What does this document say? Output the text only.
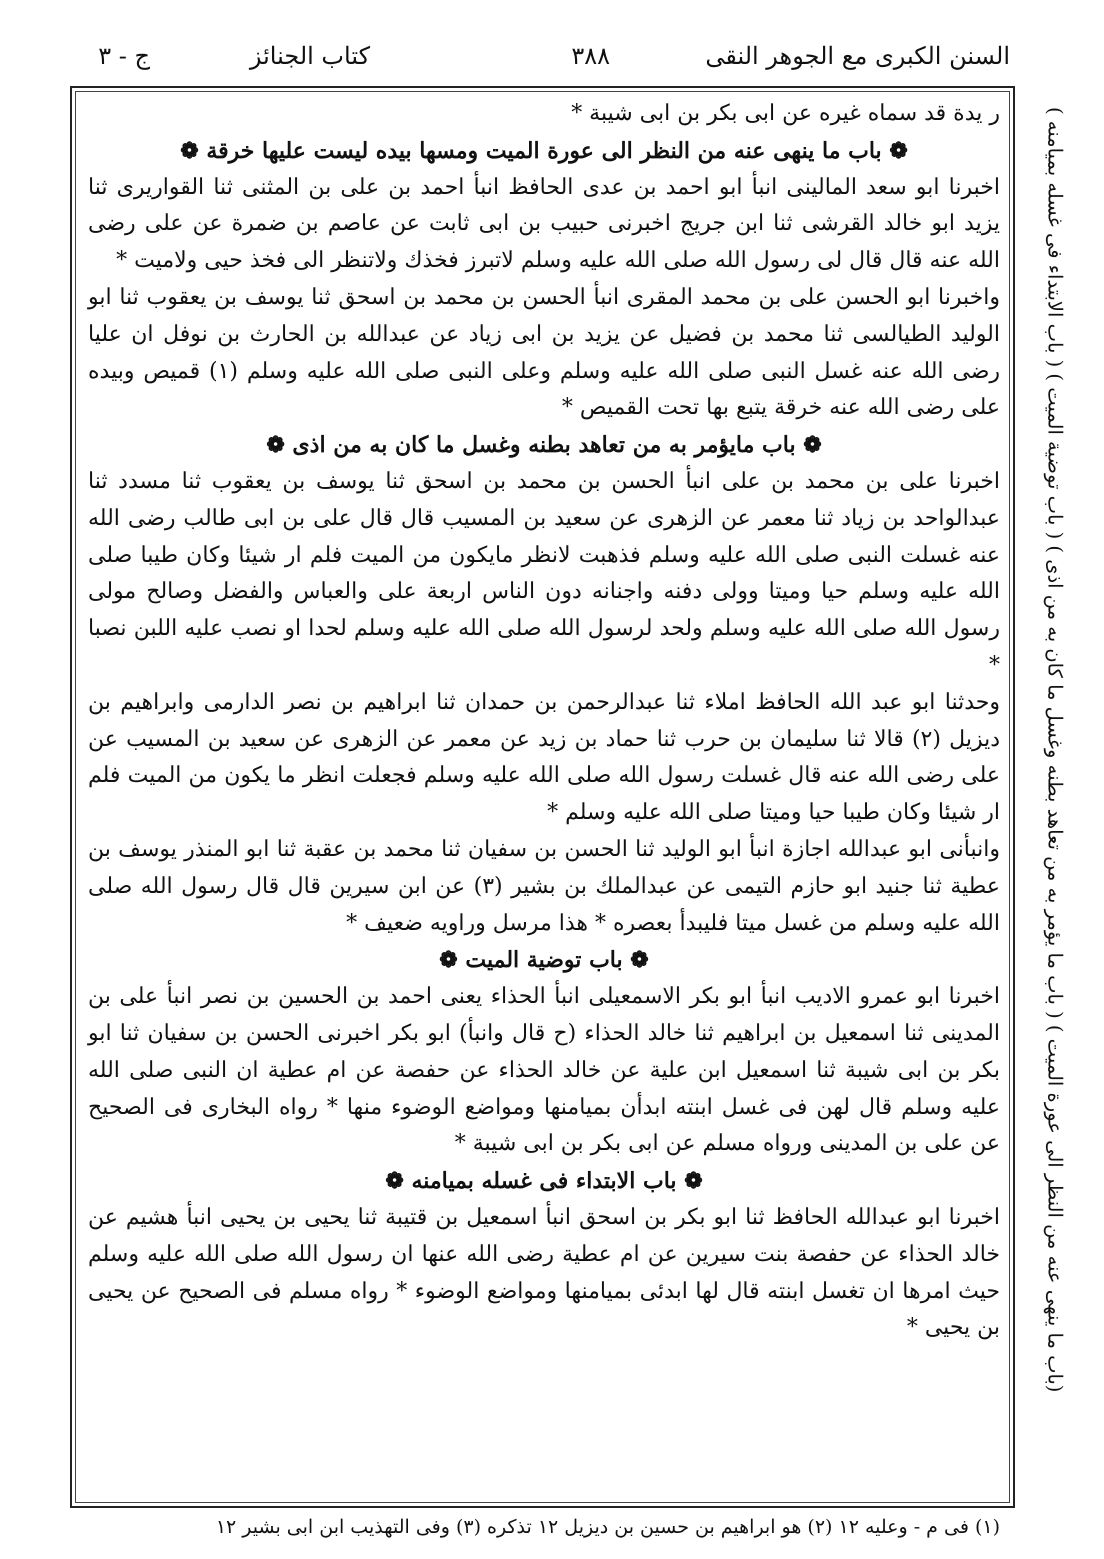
السنن الكبرى مع الجوهر النقى
٣٨٨
كتاب الجنائز
ج - ٣
(باب ما ينهى عنه من النظر الى عورة الميت ) ( باب ما يؤمر به من تعاهد بطنه وغسل ما كان به من اذى ) ( باب توضية الميت ) ( باب الابتداء فى غسله بميامنه )

ر يدة قد سماه غيره عن ابى بكر بن ابى شيبة *

❁ باب ما ينهى عنه من النظر الى عورة الميت ومسها بيده ليست عليها خرقة ❁

اخبرنا ابو سعد المالينى انبأ ابو احمد بن عدى الحافظ انبأ احمد بن على بن المثنى ثنا القواريرى ثنا يزيد ابو خالد القرشى ثنا ابن جريج اخبرنى حبيب بن ابى ثابت عن عاصم بن ضمرة عن على رضى الله عنه قال قال لى رسول الله صلى الله عليه وسلم لاتبرز فخذك ولاتنظر الى فخذ حيى ولاميت *

واخبرنا ابو الحسن على بن محمد المقرى انبأ الحسن بن محمد بن اسحق ثنا يوسف بن يعقوب ثنا ابو الوليد الطيالسى ثنا محمد بن فضيل عن يزيد بن ابى زياد عن عبدالله بن الحارث بن نوفل ان عليا رضى الله عنه غسل النبى صلى الله عليه وسلم وعلى النبى صلى الله عليه وسلم (١) قميص وبيده على رضى الله عنه خرقة يتبع بها تحت القميص *

❁ باب مايؤمر به من تعاهد بطنه وغسل ما كان به من اذى ❁

اخبرنا على بن محمد بن على انبأ الحسن بن محمد بن اسحق ثنا يوسف بن يعقوب ثنا مسدد ثنا عبدالواحد بن زياد ثنا معمر عن الزهرى عن سعيد بن المسيب قال قال على بن ابى طالب رضى الله عنه غسلت النبى صلى الله عليه وسلم فذهبت لانظر مايكون من الميت فلم ار شيئا وكان طيبا صلى الله عليه وسلم حيا وميتا وولى دفنه واجنانه دون الناس اربعة على والعباس والفضل وصالح مولى رسول الله صلى الله عليه وسلم ولحد لرسول الله صلى الله عليه وسلم لحدا او نصب عليه اللبن نصبا *

وحدثنا ابو عبد الله الحافظ املاء ثنا عبدالرحمن بن حمدان ثنا ابراهيم بن نصر الدارمى وابراهيم بن ديزيل (٢) قالا ثنا سليمان بن حرب ثنا حماد بن زيد عن معمر عن الزهرى عن سعيد بن المسيب عن على رضى الله عنه قال غسلت رسول الله صلى الله عليه وسلم فجعلت انظر ما يكون من الميت فلم ار شيئا وكان طيبا حيا وميتا صلى الله عليه وسلم *

وانبأنى ابو عبدالله اجازة انبأ ابو الوليد ثنا الحسن بن سفيان ثنا محمد بن عقبة ثنا ابو المنذر يوسف بن عطية ثنا جنيد ابو حازم التيمى عن عبدالملك بن بشير (٣) عن ابن سيرين قال قال رسول الله صلى الله عليه وسلم من غسل ميتا فليبدأ بعصره * هذا مرسل وراويه ضعيف *

❁ باب توضية الميت ❁

اخبرنا ابو عمرو الاديب انبأ ابو بكر الاسمعيلى انبأ الحذاء يعنى احمد بن الحسين بن نصر انبأ على بن المدينى ثنا اسمعيل بن ابراهيم ثنا خالد الحذاء (ح قال وانبأ) ابو بكر اخبرنى الحسن بن سفيان ثنا ابو بكر بن ابى شيبة ثنا اسمعيل ابن علية عن خالد الحذاء عن حفصة عن ام عطية ان النبى صلى الله عليه وسلم قال لهن فى غسل ابنته ابدأن بميامنها ومواضع الوضوء منها * رواه البخارى فى الصحيح عن على بن المدينى ورواه مسلم عن ابى بكر بن ابى شيبة *

❁ باب الابتداء فى غسله بميامنه ❁

اخبرنا ابو عبدالله الحافظ ثنا ابو بكر بن اسحق انبأ اسمعيل بن قتيبة ثنا يحيى بن يحيى انبأ هشيم عن خالد الحذاء عن حفصة بنت سيرين عن ام عطية رضى الله عنها ان رسول الله صلى الله عليه وسلم حيث امرها ان تغسل ابنته قال لها ابدئى بميامنها ومواضع الوضوء * رواه مسلم فى الصحيح عن يحيى بن يحيى *

(١) فى م - وعليه ١٢ (٢) هو ابراهيم بن حسين بن ديزيل ١٢ تذكره (٣) وفى التهذيب ابن ابى بشير ١٢
